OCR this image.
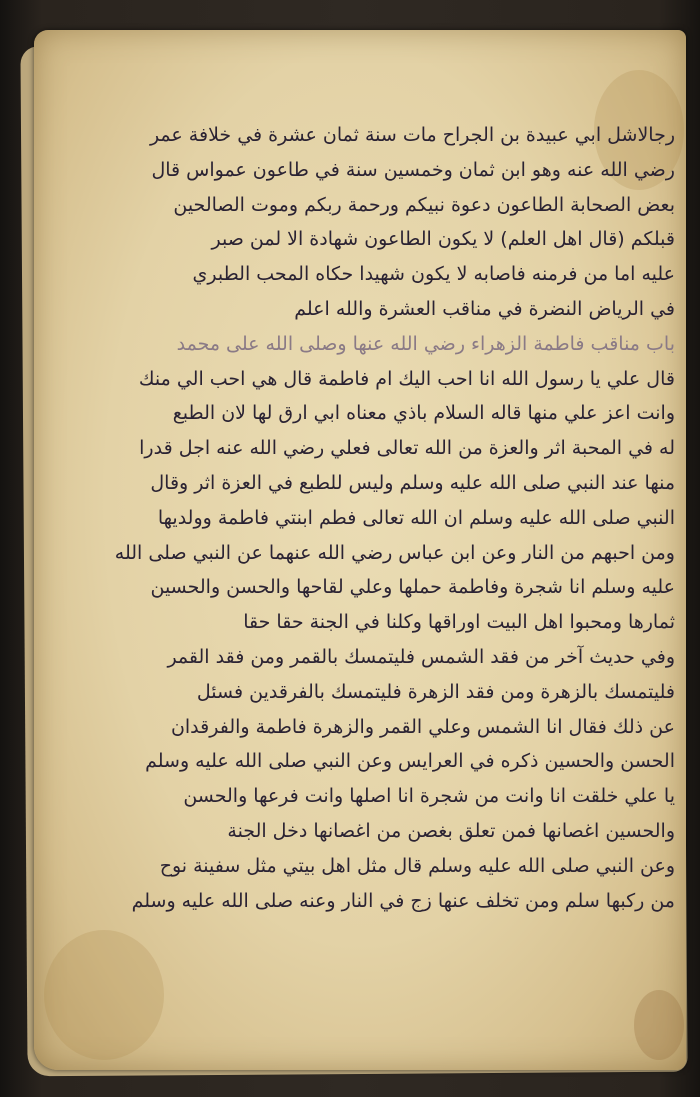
رجالاشل ابي عبيدة بن الجراح مات سنة ثمان عشرة في خلافة عمر
رضي الله عنه وهو ابن ثمان وخمسين سنة في طاعون عمواس قال
بعض الصحابة الطاعون دعوة نبيكم ورحمة ربكم وموت الصالحين
قبلكم (قال اهل العلم) لا يكون الطاعون شهادة الا لمن صبر
عليه اما من فرمنه فاصابه لا يكون شهيدا حكاه المحب الطبري
في الرياض النضرة في مناقب العشرة والله اعلم
باب مناقب فاطمة الزهراء رضي الله عنها وصلى الله على محمد
قال علي يا رسول الله انا احب اليك ام فاطمة قال هي احب الي منك
وانت اعز علي منها قاله السلام باذي معناه ابي ارق لها لان الطبع
له في المحبة اثر والعزة من الله تعالى فعلي رضي الله عنه اجل قدرا
منها عند النبي صلى الله عليه وسلم وليس للطبع في العزة اثر وقال
النبي صلى الله عليه وسلم ان الله تعالى فطم ابنتي فاطمة وولديها
ومن احبهم من النار وعن ابن عباس رضي الله عنهما عن النبي صلى الله
عليه وسلم انا شجرة وفاطمة حملها وعلي لقاحها والحسن والحسين
ثمارها ومحبوا اهل البيت اوراقها وكلنا في الجنة حقا حقا
وفي حديث آخر من فقد الشمس فليتمسك بالقمر ومن فقد القمر
فليتمسك بالزهرة ومن فقد الزهرة فليتمسك بالفرقدين فسئل
عن ذلك فقال انا الشمس وعلي القمر والزهرة فاطمة والفرقدان
الحسن والحسين ذكره في العرايس وعن النبي صلى الله عليه وسلم
يا علي خلقت انا وانت من شجرة انا اصلها وانت فرعها والحسن
والحسين اغصانها فمن تعلق بغصن من اغصانها دخل الجنة
وعن النبي صلى الله عليه وسلم قال مثل اهل بيتي مثل سفينة نوح
من ركبها سلم ومن تخلف عنها زج في النار وعنه صلى الله عليه وسلم
